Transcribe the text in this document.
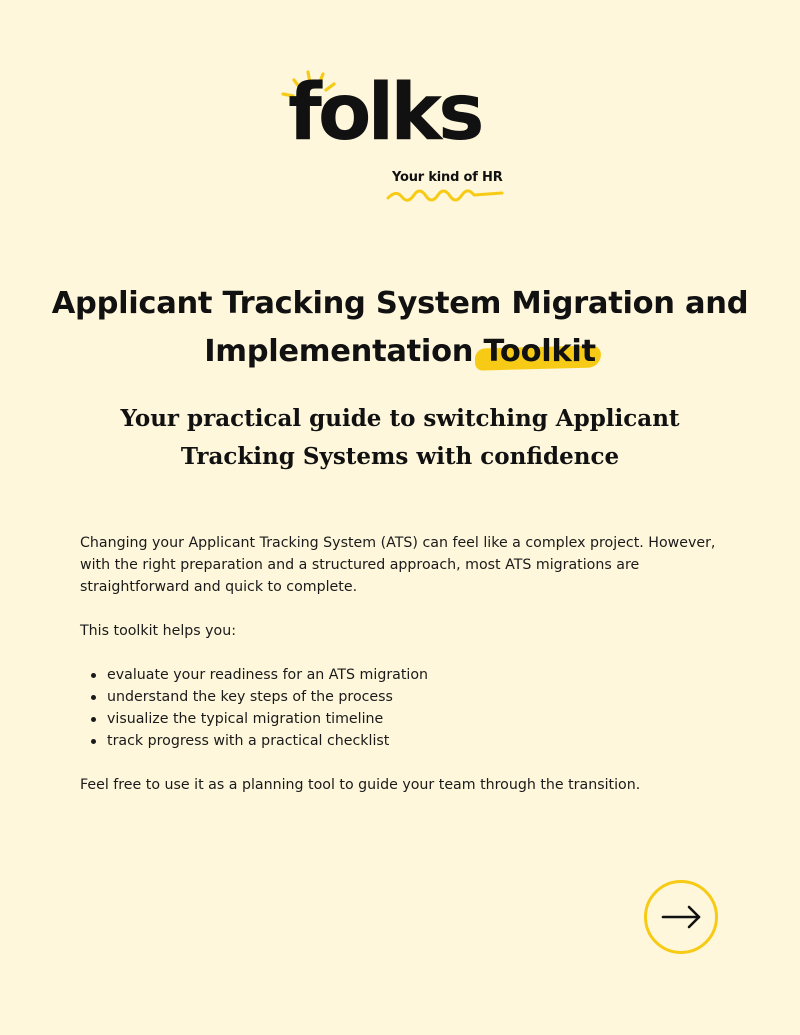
folks
Your kind of HR
Applicant Tracking System Migration and Implementation Toolkit
Your practical guide to switching Applicant Tracking Systems with confidence

Changing your Applicant Tracking System (ATS) can feel like a complex project. However, with the right preparation and a structured approach, most ATS migrations are straightforward and quick to complete.

This toolkit helps you:

evaluate your readiness for an ATS migration
understand the key steps of the process
visualize the typical migration timeline
track progress with a practical checklist

Feel free to use it as a planning tool to guide your team through the transition.
